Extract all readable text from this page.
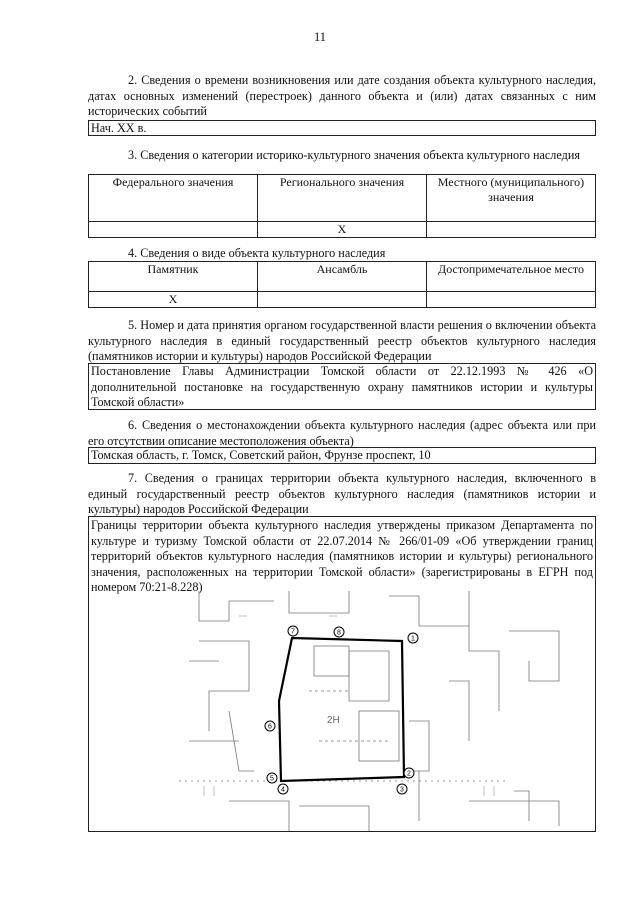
11
2. Сведения о времени возникновения или дате создания объекта культурного наследия, датах основных изменений (перестроек) данного объекта и (или) датах связанных с ним исторических событий
Нач. XX в.
3. Сведения о категории историко-культурного значения объекта культурного наследия
Федерального значения	Регионального значения	Местного (муниципального) значения
	Х	
4. Сведения о виде объекта культурного наследия
Памятник	Ансамбль	Достопримечательное место
Х		
5. Номер и дата принятия органом государственной власти решения о включении объекта культурного наследия в единый государственный реестр объектов культурного наследия (памятников истории и культуры) народов Российской Федерации
Постановление Главы Администрации Томской области от 22.12.1993 № 426 «О дополнительной постановке на государственную охрану памятников истории и культуры Томской области»
6. Сведения о местонахождении объекта культурного наследия (адрес объекта или при его отсутствии описание местоположения объекта)
Томская область, г. Томск, Советский район, Фрунзе проспект, 10
7. Сведения о границах территории объекта культурного наследия, включенного в единый государственный реестр объектов культурного наследия (памятников истории и культуры) народов Российской Федерации
Границы территории объекта культурного наследия утверждены приказом Департамента по культуре и туризму Томской области от 22.07.2014 № 266/01-09 «Об утверждении границ территорий объектов культурного наследия (памятников истории и культуры) регионального значения, расположенных на территории Томской области» (зарегистрированы в ЕГРН под номером 70:21-8.228)
1
2
3
4
5
6
7	8
2Н
